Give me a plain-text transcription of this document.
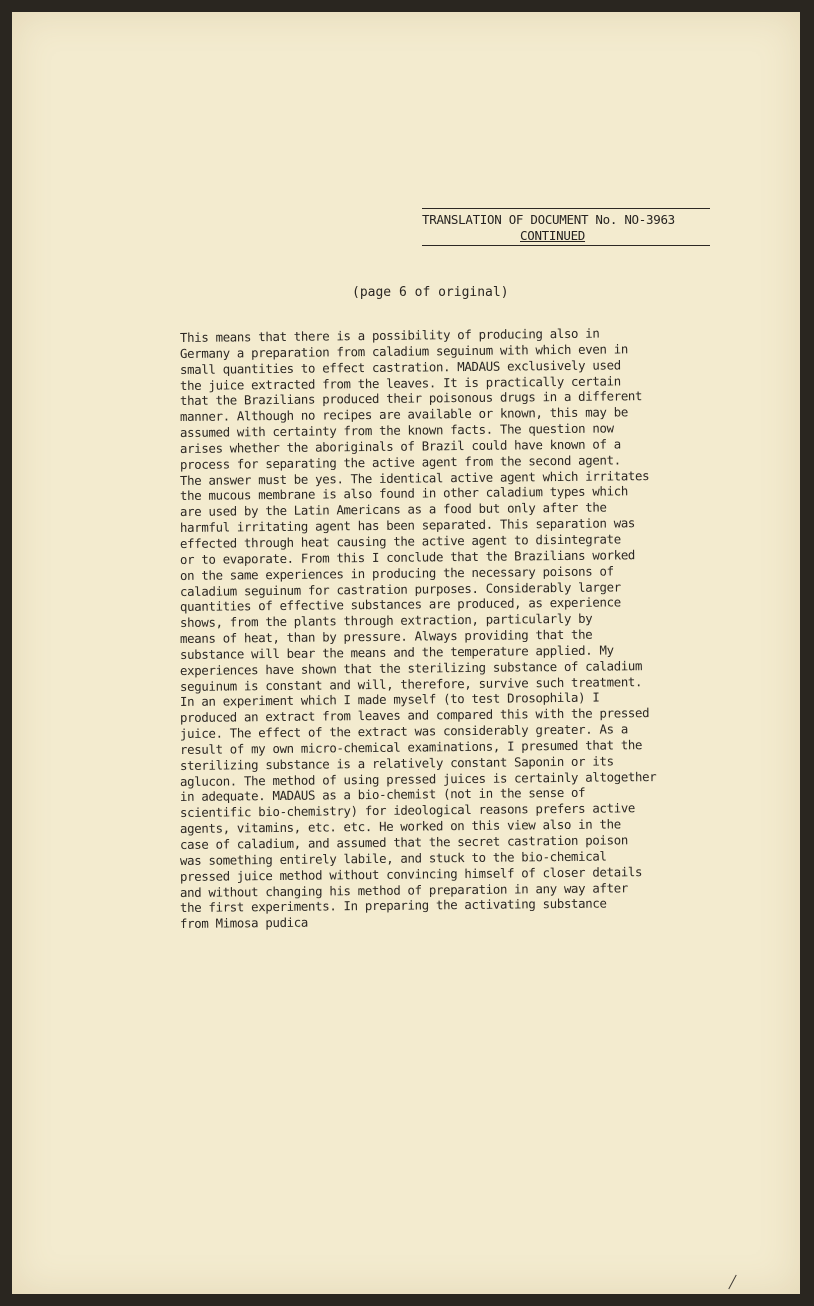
TRANSLATION OF DOCUMENT No. NO-3963
CONTINUED
(page 6 of original)
This means that there is a possibility of producing also in
Germany a preparation from caladium seguinum with which even in
small quantities to effect castration. MADAUS exclusively used
the juice extracted from the leaves. It is practically certain
that the Brazilians produced their poisonous drugs in a different
manner. Although no recipes are available or known, this may be
assumed with certainty from the known facts. The question now
arises whether the aboriginals of Brazil could have known of a
process for separating the active agent from the second agent.
The answer must be yes. The identical active agent which irritates
the mucous membrane is also found in other caladium types which
are used by the Latin Americans as a food but only after the
harmful irritating agent has been separated. This separation was
effected through heat causing the active agent to disintegrate
or to evaporate. From this I conclude that the Brazilians worked
on the same experiences in producing the necessary poisons of
caladium seguinum for castration purposes. Considerably larger
quantities of effective substances are produced, as experience
shows, from the plants through extraction, particularly by
means of heat, than by pressure. Always providing that the
substance will bear the means and the temperature applied. My
experiences have shown that the sterilizing substance of caladium
seguinum is constant and will, therefore, survive such treatment.
In an experiment which I made myself (to test Drosophila) I
produced an extract from leaves and compared this with the pressed
juice. The effect of the extract was considerably greater. As a
result of my own micro-chemical examinations, I presumed that the
sterilizing substance is a relatively constant Saponin or its
aglucon. The method of using pressed juices is certainly altogether
in adequate. MADAUS as a bio-chemist (not in the sense of
scientific bio-chemistry) for ideological reasons prefers active
agents, vitamins, etc. etc. He worked on this view also in the
case of caladium, and assumed that the secret castration poison
was something entirely labile, and stuck to the bio-chemical
pressed juice method without convincing himself of closer details
and without changing his method of preparation in any way after
the first experiments. In preparing the activating substance
from Mimosa pudica
